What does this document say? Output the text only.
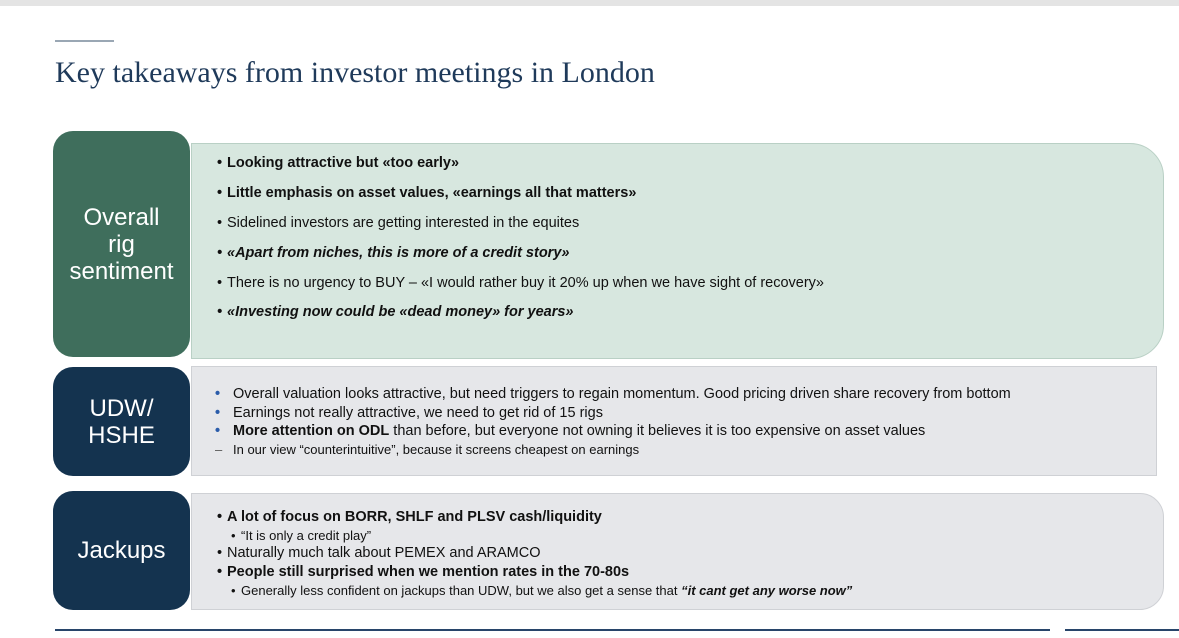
Key takeaways from investor meetings in London
Overall
rig
sentiment
• Looking attractive but «too early»
• Little emphasis on asset values, «earnings all that matters»
• Sidelined investors are getting interested in the equites
• «Apart from niches, this is more of a credit story»
• There is no urgency to BUY – «I would rather buy it 20% up when we have sight of recovery»
• «Investing now could be «dead money» for years»
UDW/
HSHE
• Overall valuation looks attractive, but need triggers to regain momentum. Good pricing driven share recovery from bottom
• Earnings not really attractive, we need to get rid of 15 rigs
• More attention on ODL than before, but everyone not owning it believes it is too expensive on asset values
– In our view “counterintuitive”, because it screens cheapest on earnings
Jackups
• A lot of focus on BORR, SHLF and PLSV cash/liquidity
• “It is only a credit play”
• Naturally much talk about PEMEX and ARAMCO
• People still surprised when we mention rates in the 70-80s
• Generally less confident on jackups than UDW, but we also get a sense that “it cant get any worse now”
